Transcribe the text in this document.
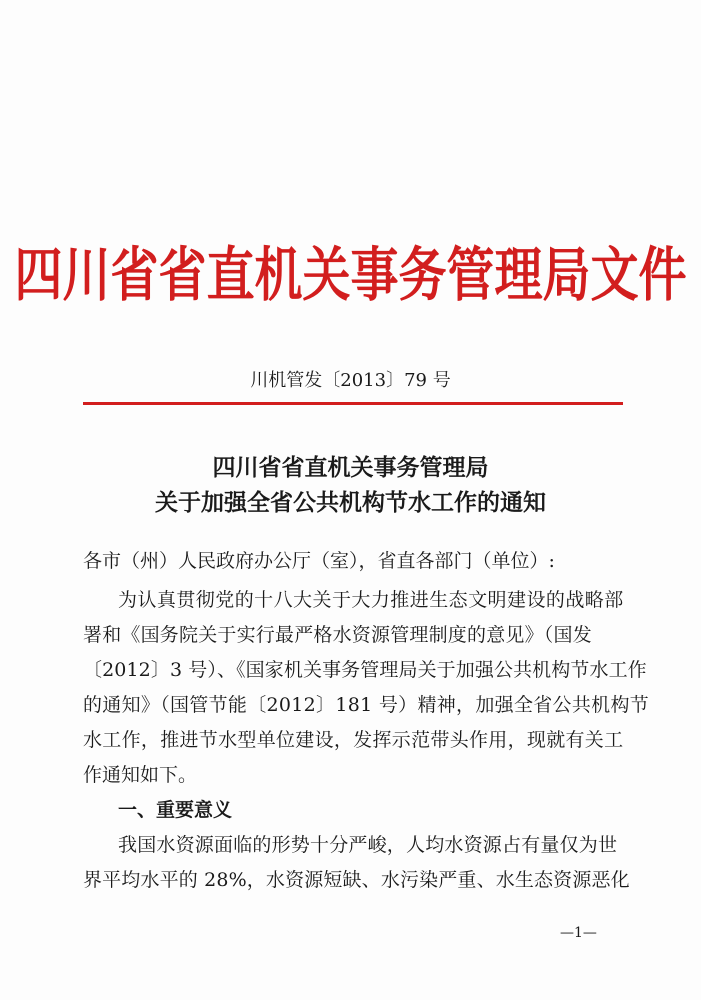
四川省省直机关事务管理局文件
川机管发〔2013〕79 号
四川省省直机关事务管理局
关于加强全省公共机构节水工作的通知
各市（州）人民政府办公厅（室），省直各部门（单位）:
为认真贯彻党的十八大关于大力推进生态文明建设的战略部
署和《国务院关于实行最严格水资源管理制度的意见》（国发
〔2012〕3 号）、《国家机关事务管理局关于加强公共机构节水工作
的通知》（国管节能〔2012〕181 号）精神，加强全省公共机构节
水工作，推进节水型单位建设，发挥示范带头作用，现就有关工
作通知如下。
一、重要意义
我国水资源面临的形势十分严峻，人均水资源占有量仅为世
界平均水平的 28%，水资源短缺、水污染严重、水生态资源恶化
—1—
